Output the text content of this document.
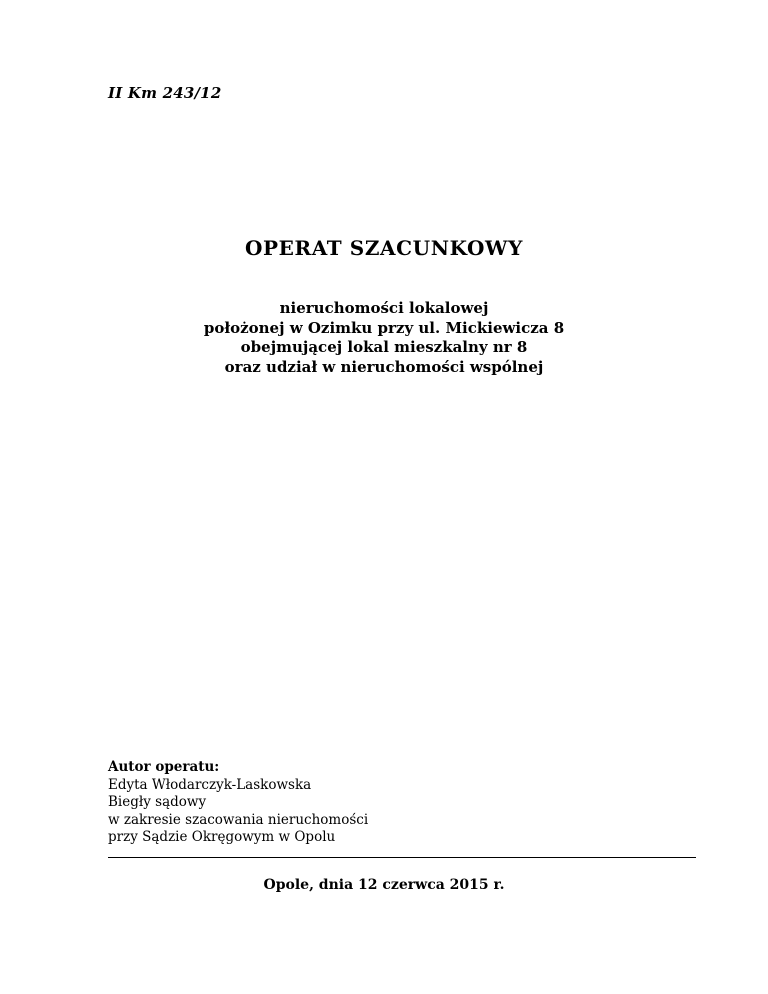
II Km 243/12
OPERAT SZACUNKOWY
nieruchomości lokalowej
położonej w Ozimku przy ul. Mickiewicza 8
obejmującej lokal mieszkalny nr 8
oraz udział w nieruchomości wspólnej
Autor operatu:
Edyta Włodarczyk-Laskowska
Biegły sądowy
w zakresie szacowania nieruchomości
przy Sądzie Okręgowym w Opolu
Opole, dnia 12 czerwca 2015 r.
